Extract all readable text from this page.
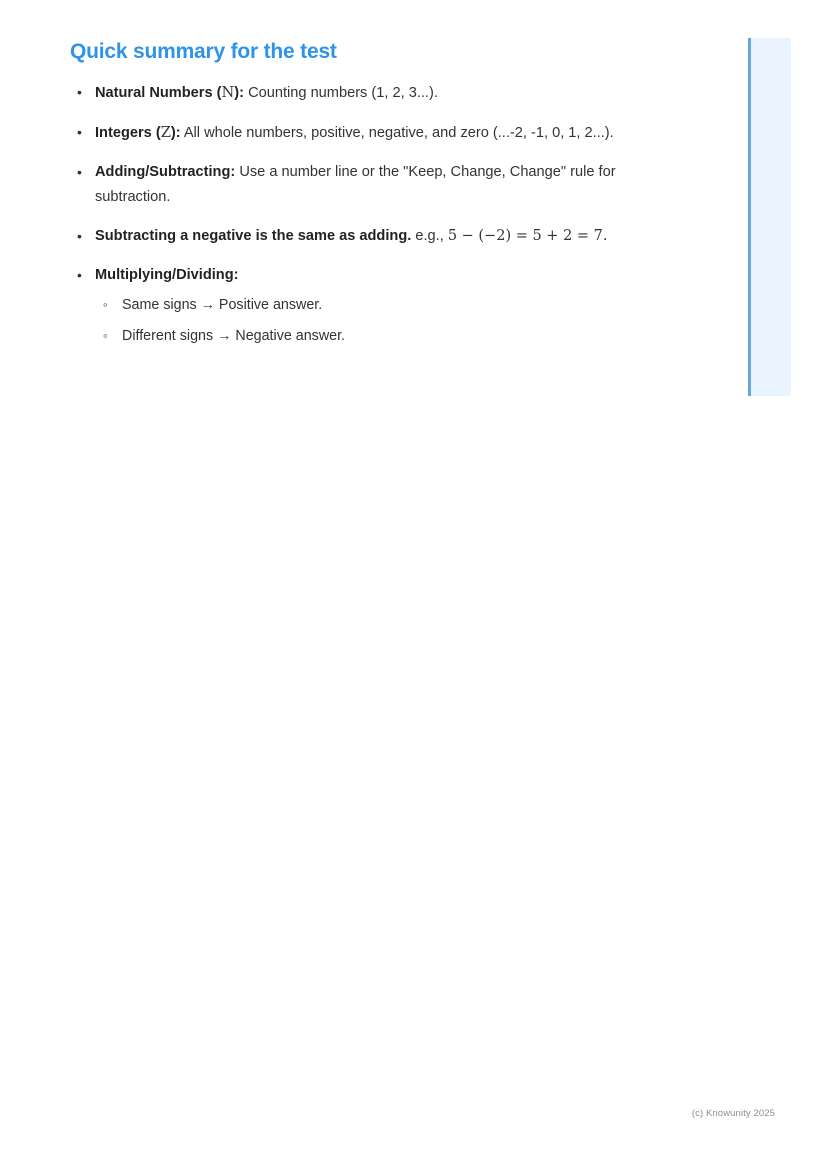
Quick summary for the test
• Natural Numbers (N): Counting numbers (1, 2, 3...).
• Integers (Z): All whole numbers, positive, negative, and zero (...-2, -1, 0, 1, 2...).
• Adding/Subtracting: Use a number line or the "Keep, Change, Change" rule for subtraction.
• Subtracting a negative is the same as adding. e.g., 5 − (−2) = 5 + 2 = 7.
• Multiplying/Dividing:
◦ Same signs → Positive answer.
◦ Different signs → Negative answer.
(c) Knowunity 2025
